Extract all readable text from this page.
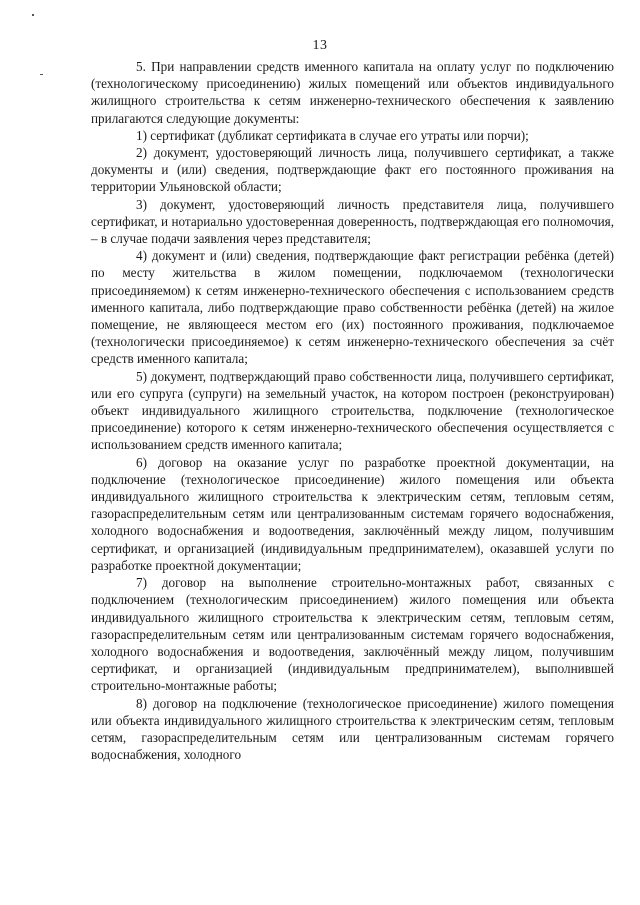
13

5. При направлении средств именного капитала на оплату услуг по подключению (технологическому присоединению) жилых помещений или объектов индивидуального жилищного строительства к сетям инженерно-технического обеспечения к заявлению прилагаются следующие документы:

1) сертификат (дубликат сертификата в случае его утраты или порчи);

2) документ, удостоверяющий личность лица, получившего сертификат, а также документы и (или) сведения, подтверждающие факт его постоянного проживания на территории Ульяновской области;

3) документ, удостоверяющий личность представителя лица, получившего сертификат, и нотариально удостоверенная доверенность, подтверждающая его полномочия, – в случае подачи заявления через представителя;

4) документ и (или) сведения, подтверждающие факт регистрации ребёнка (детей) по месту жительства в жилом помещении, подключаемом (технологически присоединяемом) к сетям инженерно-технического обеспечения с использованием средств именного капитала, либо подтверждающие право собственности ребёнка (детей) на жилое помещение, не являющееся местом его (их) постоянного проживания, подключаемое (технологически присоединяемое) к сетям инженерно-технического обеспечения за счёт средств именного капитала;

5) документ, подтверждающий право собственности лица, получившего сертификат, или его супруга (супруги) на земельный участок, на котором построен (реконструирован) объект индивидуального жилищного строительства, подключение (технологическое присоединение) которого к сетям инженерно-технического обеспечения осуществляется с использованием средств именного капитала;

6) договор на оказание услуг по разработке проектной документации, на подключение (технологическое присоединение) жилого помещения или объекта индивидуального жилищного строительства к электрическим сетям, тепловым сетям, газораспределительным сетям или централизованным системам горячего водоснабжения, холодного водоснабжения и водоотведения, заключённый между лицом, получившим сертификат, и организацией (индивидуальным предпринимателем), оказавшей услуги по разработке проектной документации;

7) договор на выполнение строительно-монтажных работ, связанных с подключением (технологическим присоединением) жилого помещения или объекта индивидуального жилищного строительства к электрическим сетям, тепловым сетям, газораспределительным сетям или централизованным системам горячего водоснабжения, холодного водоснабжения и водоотведения, заключённый между лицом, получившим сертификат, и организацией (индивидуальным предпринимателем), выполнившей строительно-монтажные работы;

8) договор на подключение (технологическое присоединение) жилого помещения или объекта индивидуального жилищного строительства к электрическим сетям, тепловым сетям, газораспределительным сетям или централизованным системам горячего водоснабжения, холодного
